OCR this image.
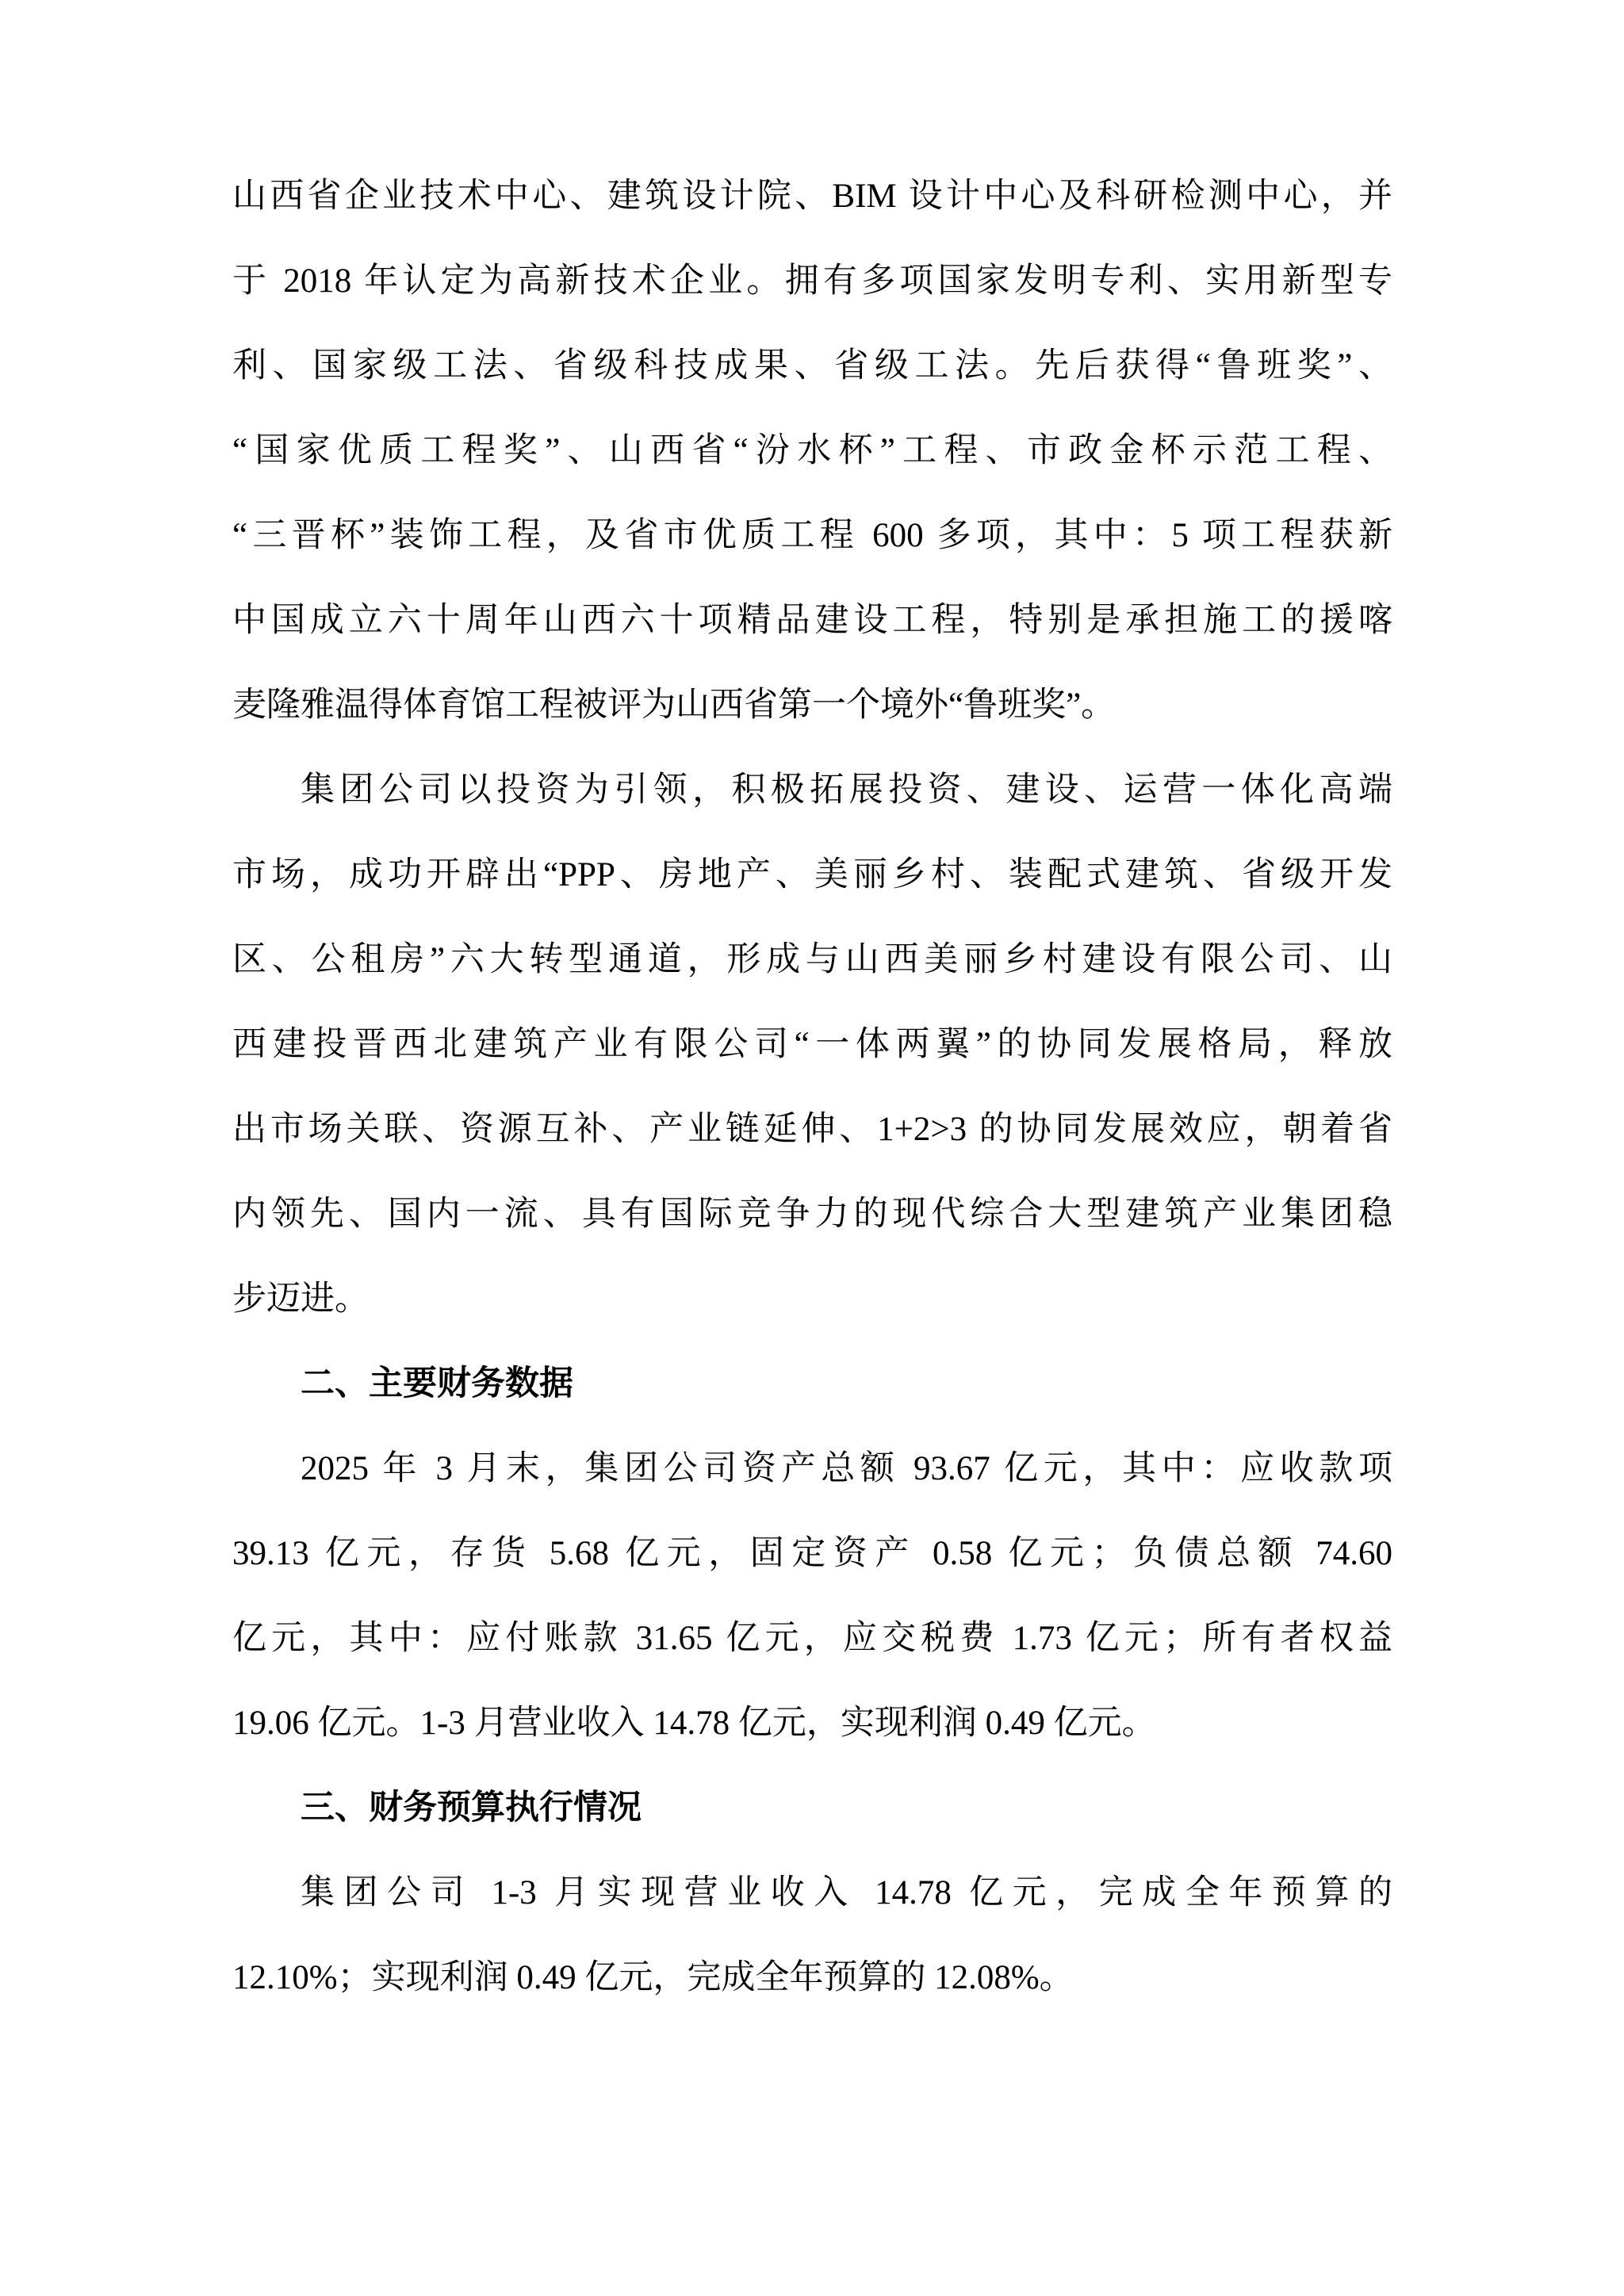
山西省企业技术中心、建筑设计院、BIM 设计中心及科研检测中心，并
于 2018 年认定为高新技术企业。拥有多项国家发明专利、实用新型专
利、国家级工法、省级科技成果、省级工法。先后获得“鲁班奖”、
“国家优质工程奖”、山西省“汾水杯”工程、市政金杯示范工程、
“三晋杯”装饰工程，及省市优质工程 600 多项，其中：5 项工程获新
中国成立六十周年山西六十项精品建设工程，特别是承担施工的援喀
麦隆雅温得体育馆工程被评为山西省第一个境外“鲁班奖”。
集团公司以投资为引领，积极拓展投资、建设、运营一体化高端
市场，成功开辟出“PPP、房地产、美丽乡村、装配式建筑、省级开发
区、公租房”六大转型通道，形成与山西美丽乡村建设有限公司、山
西建投晋西北建筑产业有限公司“一体两翼”的协同发展格局，释放
出市场关联、资源互补、产业链延伸、1+2>3 的协同发展效应，朝着省
内领先、国内一流、具有国际竞争力的现代综合大型建筑产业集团稳
步迈进。
二、主要财务数据
2025 年 3 月末，集团公司资产总额 93.67 亿元，其中：应收款项
39.13 亿元，存货 5.68 亿元，固定资产 0.58 亿元；负债总额 74.60
亿元，其中：应付账款 31.65 亿元，应交税费 1.73 亿元；所有者权益
19.06 亿元。1-3 月营业收入 14.78 亿元，实现利润 0.49 亿元。
三、财务预算执行情况
集团公司 1-3 月实现营业收入 14.78 亿元，完成全年预算的
12.10%；实现利润 0.49 亿元，完成全年预算的 12.08%。
